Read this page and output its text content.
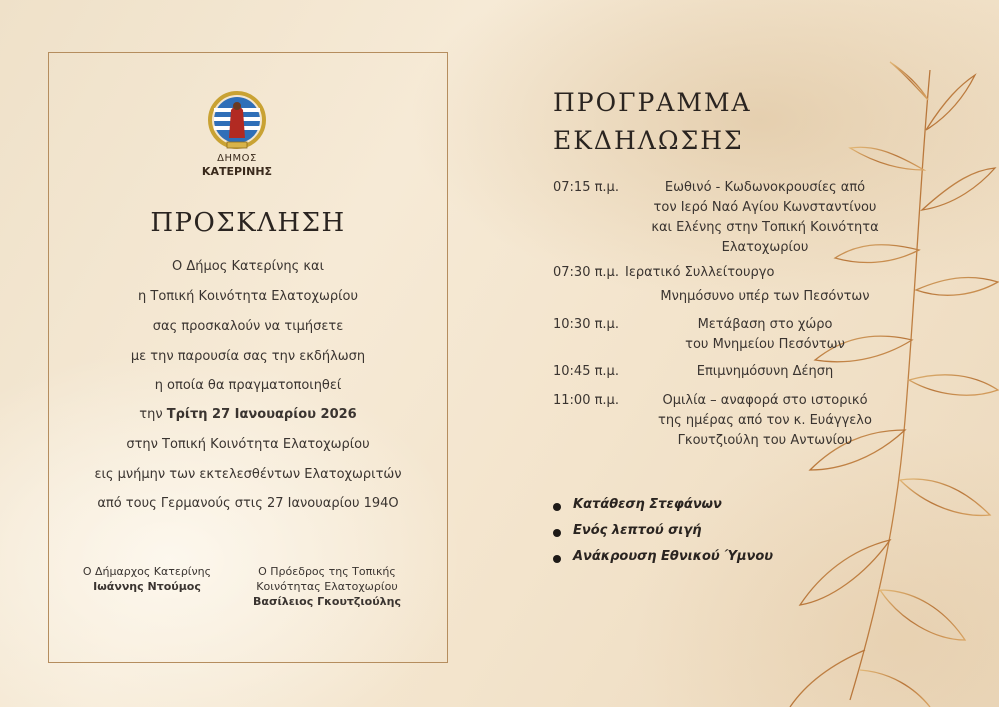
ΔΗΜΟΣ
ΚΑΤΕΡΙΝΗΣ
ΠΡΟΣΚΛΗΣΗ
Ο Δήμος Κατερίνης και
η Τοπική Κοινότητα Ελατοχωρίου
σας προσκαλούν να τιμήσετε
με την παρουσία σας την εκδήλωση
η οποία θα πραγματοποιηθεί
την Τρίτη 27 Ιανουαρίου 2026
στην Τοπική Κοινότητα Ελατοχωρίου
εις μνήμην των εκτελεσθέντων Ελατοχωριτών
από τους Γερμανούς στις 27 Ιανουαρίου 194Ο
Ο Δήμαρχος Κατερίνης
Ιωάννης Ντούμος
Ο Πρόεδρος της Τοπικής
Κοινότητας Ελατοχωρίου
Βασίλειος Γκουτζιούλης
ΠΡΟΓΡΑΜΜΑ
ΕΚΔΗΛΩΣΗΣ
07:15 π.μ.	Εωθινό - Κωδωνοκρουσίες από
τον Ιερό Ναό Αγίου Κωνσταντίνου
και Ελένης στην Τοπική Κοινότητα
Ελατοχωρίου
07:30 π.μ. Ιερατικό Συλλείτουργο
Μνημόσυνο υπέρ των Πεσόντων
10:30 π.μ.	Μετάβαση στο χώρο
του Μνημείου Πεσόντων
10:45 π.μ.	Επιμνημόσυνη Δέηση
11:00 π.μ.	Ομιλία – αναφορά στο ιστορικό
της ημέρας από τον κ. Ευάγγελο
Γκουτζιούλη του Αντωνίου
Κατάθεση Στεφάνων
Ενός λεπτού σιγή
Ανάκρουση Εθνικού Ύμνου
